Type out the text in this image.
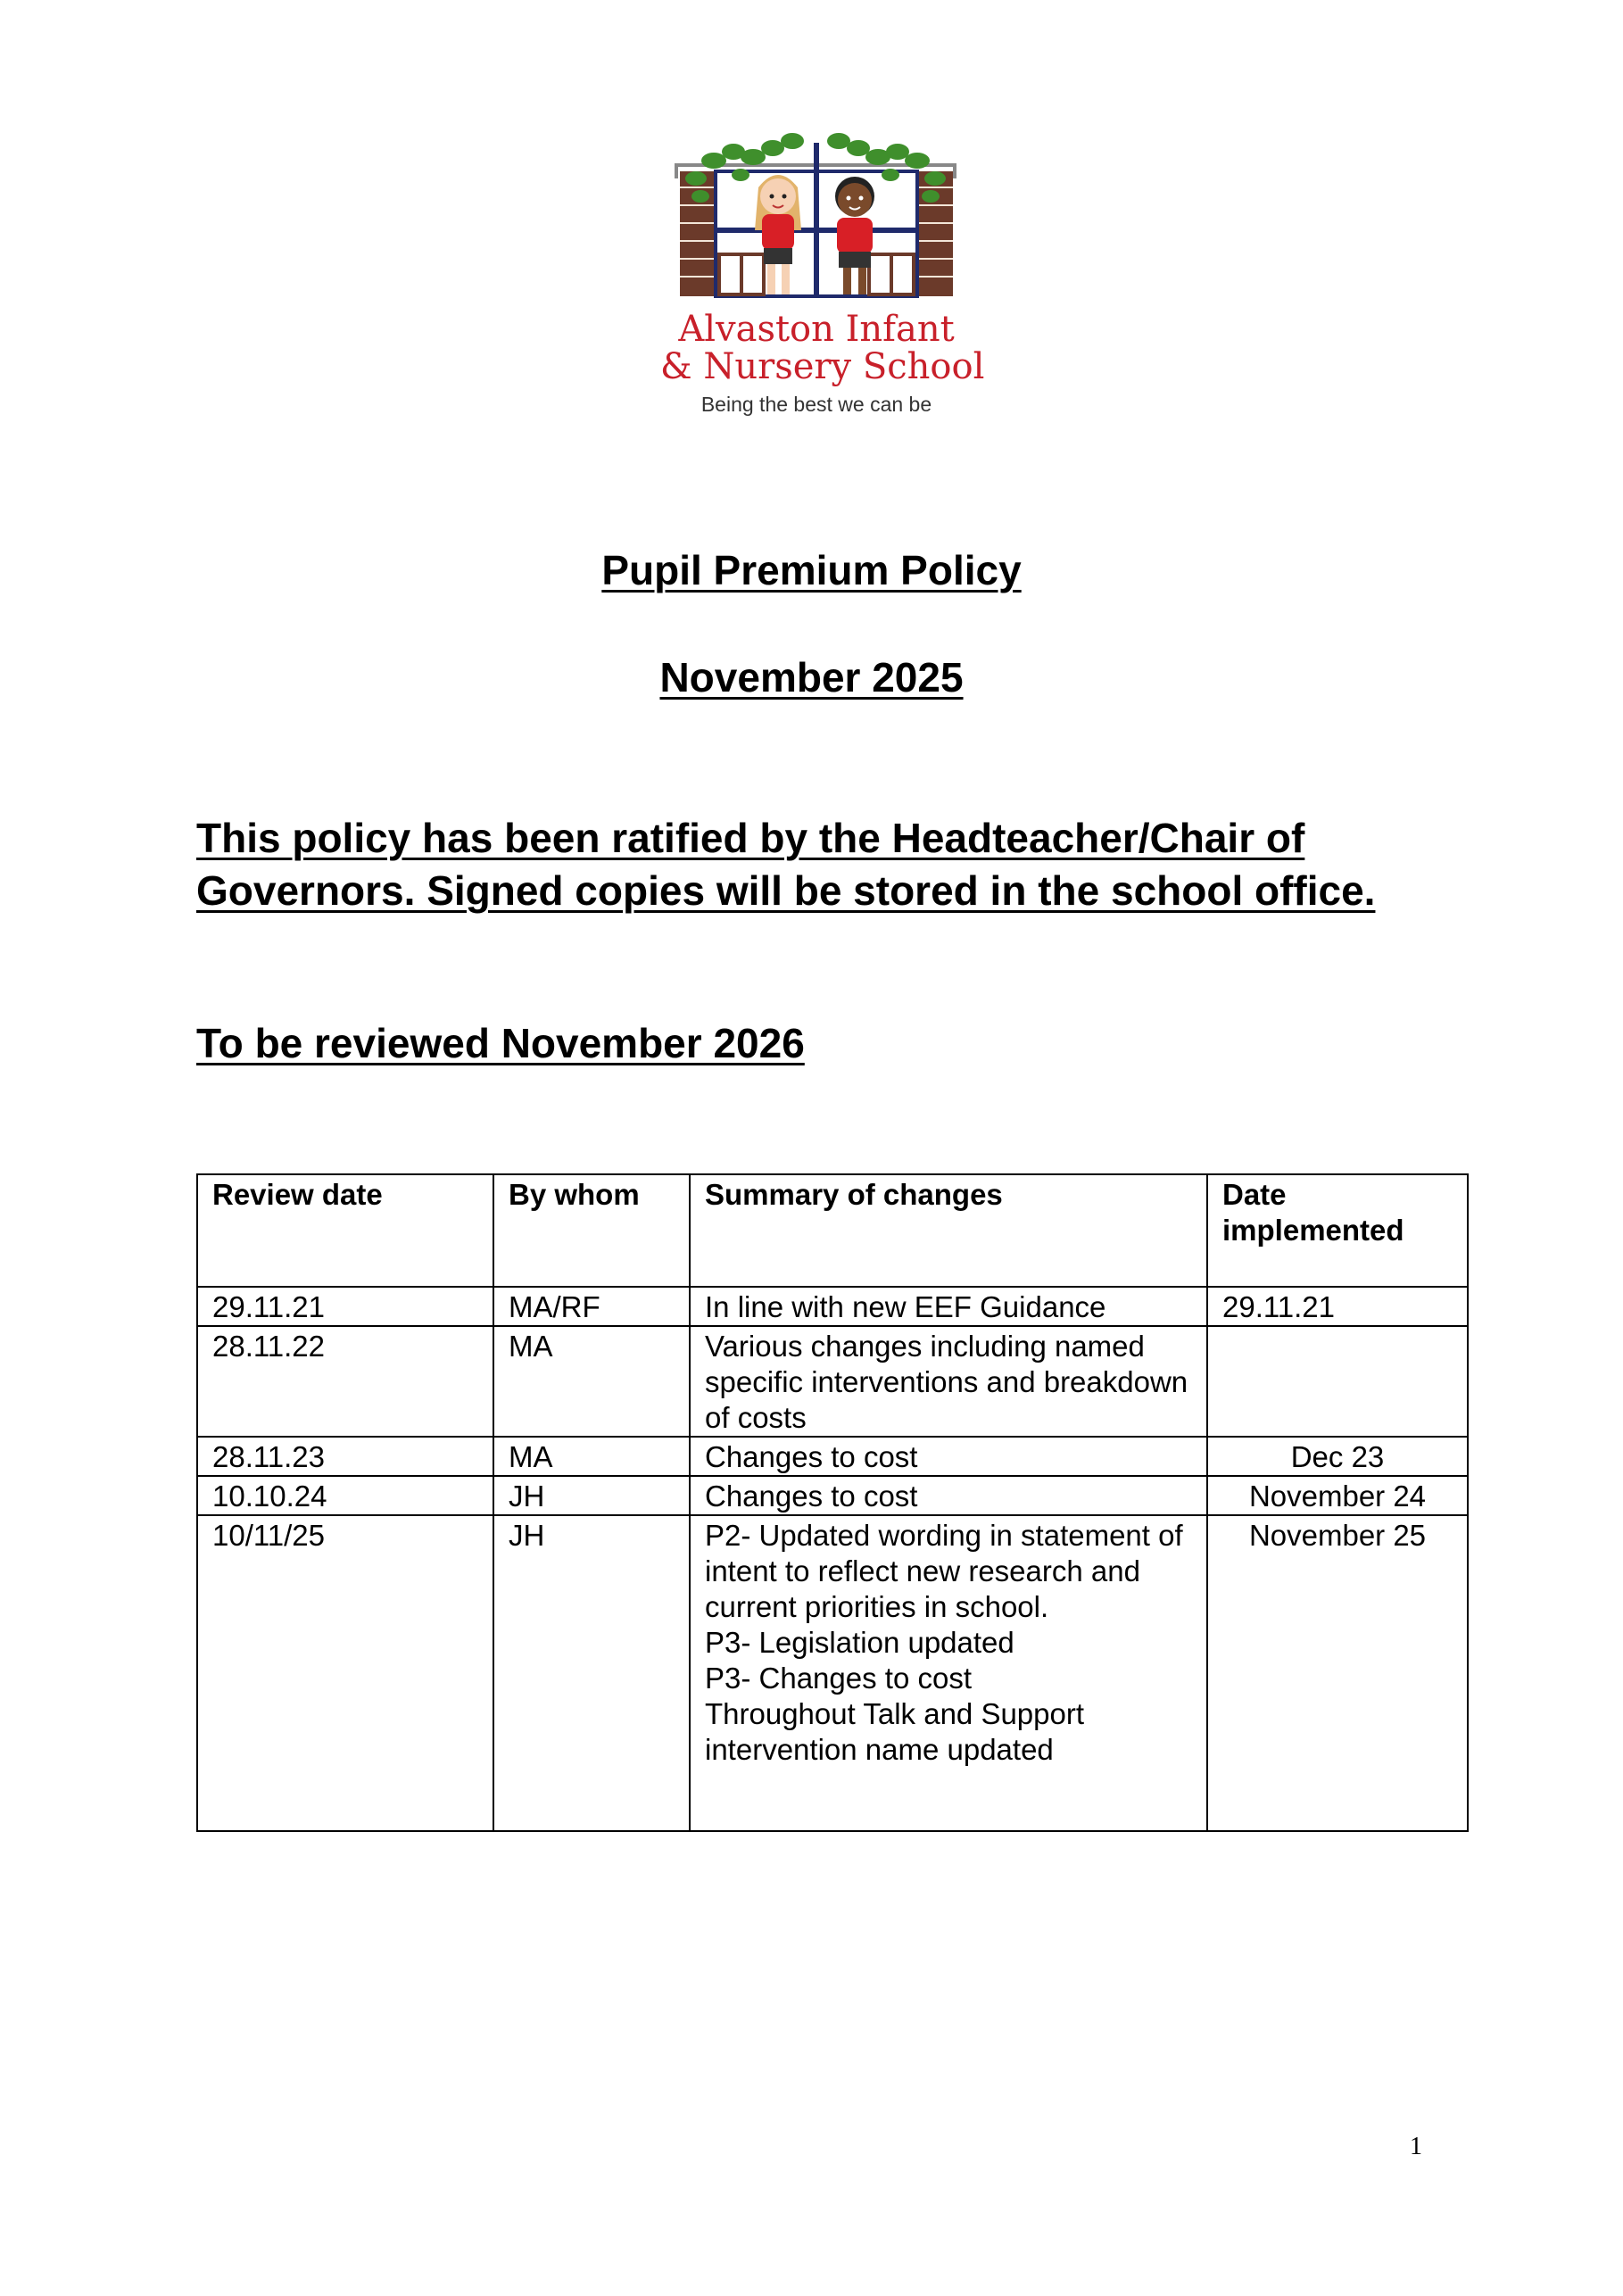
Alvaston Infant
& Nursery School
Being the best we can be
Pupil Premium Policy
November 2025
This policy has been ratified by the Headteacher/Chair of Governors. Signed copies will be stored in the school office.
To be reviewed November 2026
Review date	By whom	Summary of changes	Date implemented
29.11.21	MA/RF	In line with new EEF Guidance	29.11.21
28.11.22	MA	Various changes including named specific interventions and breakdown of costs	
28.11.23	MA	Changes to cost	Dec 23
10.10.24	JH	Changes to cost	November 24
10/11/25	JH	P2- Updated wording in statement of intent to reflect new research and current priorities in school.
P3- Legislation updated
P3- Changes to cost
Throughout Talk and Support intervention name updated	November 25
1
